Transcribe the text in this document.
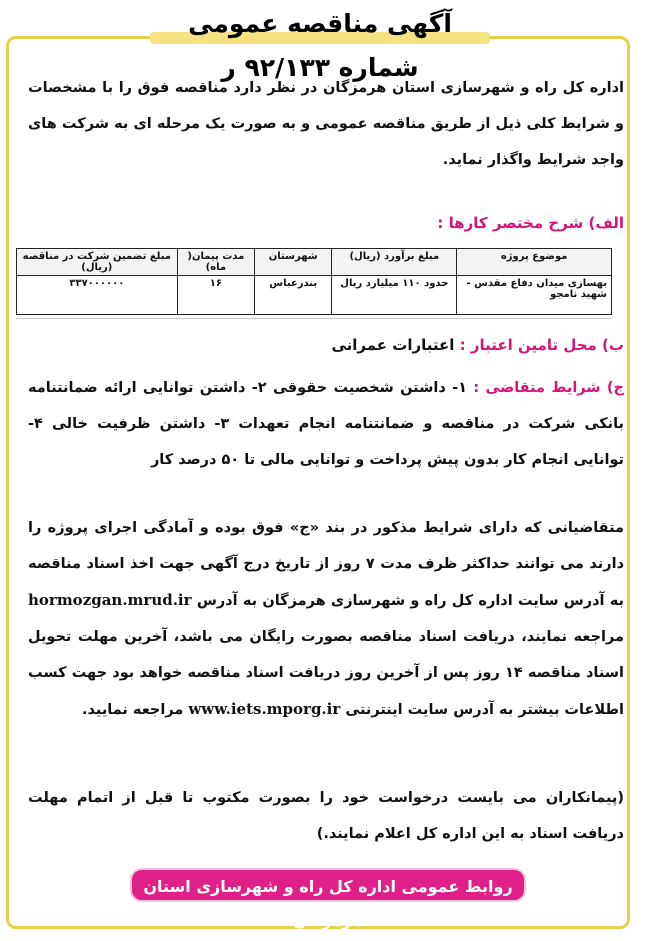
آگهی مناقصه عمومی شماره ۹۲/۱۳۳ ر

اداره کل راه و شهرسازی استان هرمزگان در نظر دارد مناقصه فوق را با مشخصات و شرایط کلی ذیل از طریق مناقصه عمومی و به صورت یک مرحله ای به شرکت های واجد شرایط واگذار نماید.

الف) شرح مختصر کارها :
موضوع پروژه	مبلغ برآورد (ریال)	شهرستان	مدت پیمان( ماه)	مبلغ تضمین شرکت در مناقصه (ریال)
بهسازی میدان دفاع مقدس - شهید نامجو	حدود ۱۱۰ میلیارد ریال	بندرعباس	۱۶	۳۳۷۰۰۰۰۰۰
ب) محل تامین اعتبار : اعتبارات عمرانی

ج) شرایط متقاضی : ۱- داشتن شخصیت حقوقی ۲- داشتن توانایی ارائه ضمانتنامه بانکی شرکت در مناقصه و ضمانتنامه انجام تعهدات ۳- داشتن ظرفیت خالی ۴- توانایی انجام کار بدون پیش پرداخت و توانایی مالی تا ۵۰ درصد کار

متقاضیانی که دارای شرایط مذکور در بند «ج» فوق بوده و آمادگی اجرای پروژه را دارند می توانند حداکثر ظرف مدت ۷ روز از تاریخ درج آگهی جهت اخذ اسناد مناقصه به آدرس سایت اداره کل راه و شهرسازی هرمزگان به آدرس hormozgan.mrud.ir مراجعه نمایند، دریافت اسناد مناقصه بصورت رایگان می باشد، آخرین مهلت تحویل اسناد مناقصه ۱۴ روز پس از آخرین روز دریافت اسناد مناقصه خواهد بود جهت کسب اطلاعات بیشتر به آدرس سایت اینترنتی www.iets.mporg.ir مراجعه نمایید.

(پیمانکاران می بایست درخواست خود را بصورت مکتوب تا قبل از اتمام مهلت دریافت اسناد به این اداره کل اعلام نمایند.)

روابط عمومی اداره کل راه و شهرسازی استان هرمزگان
